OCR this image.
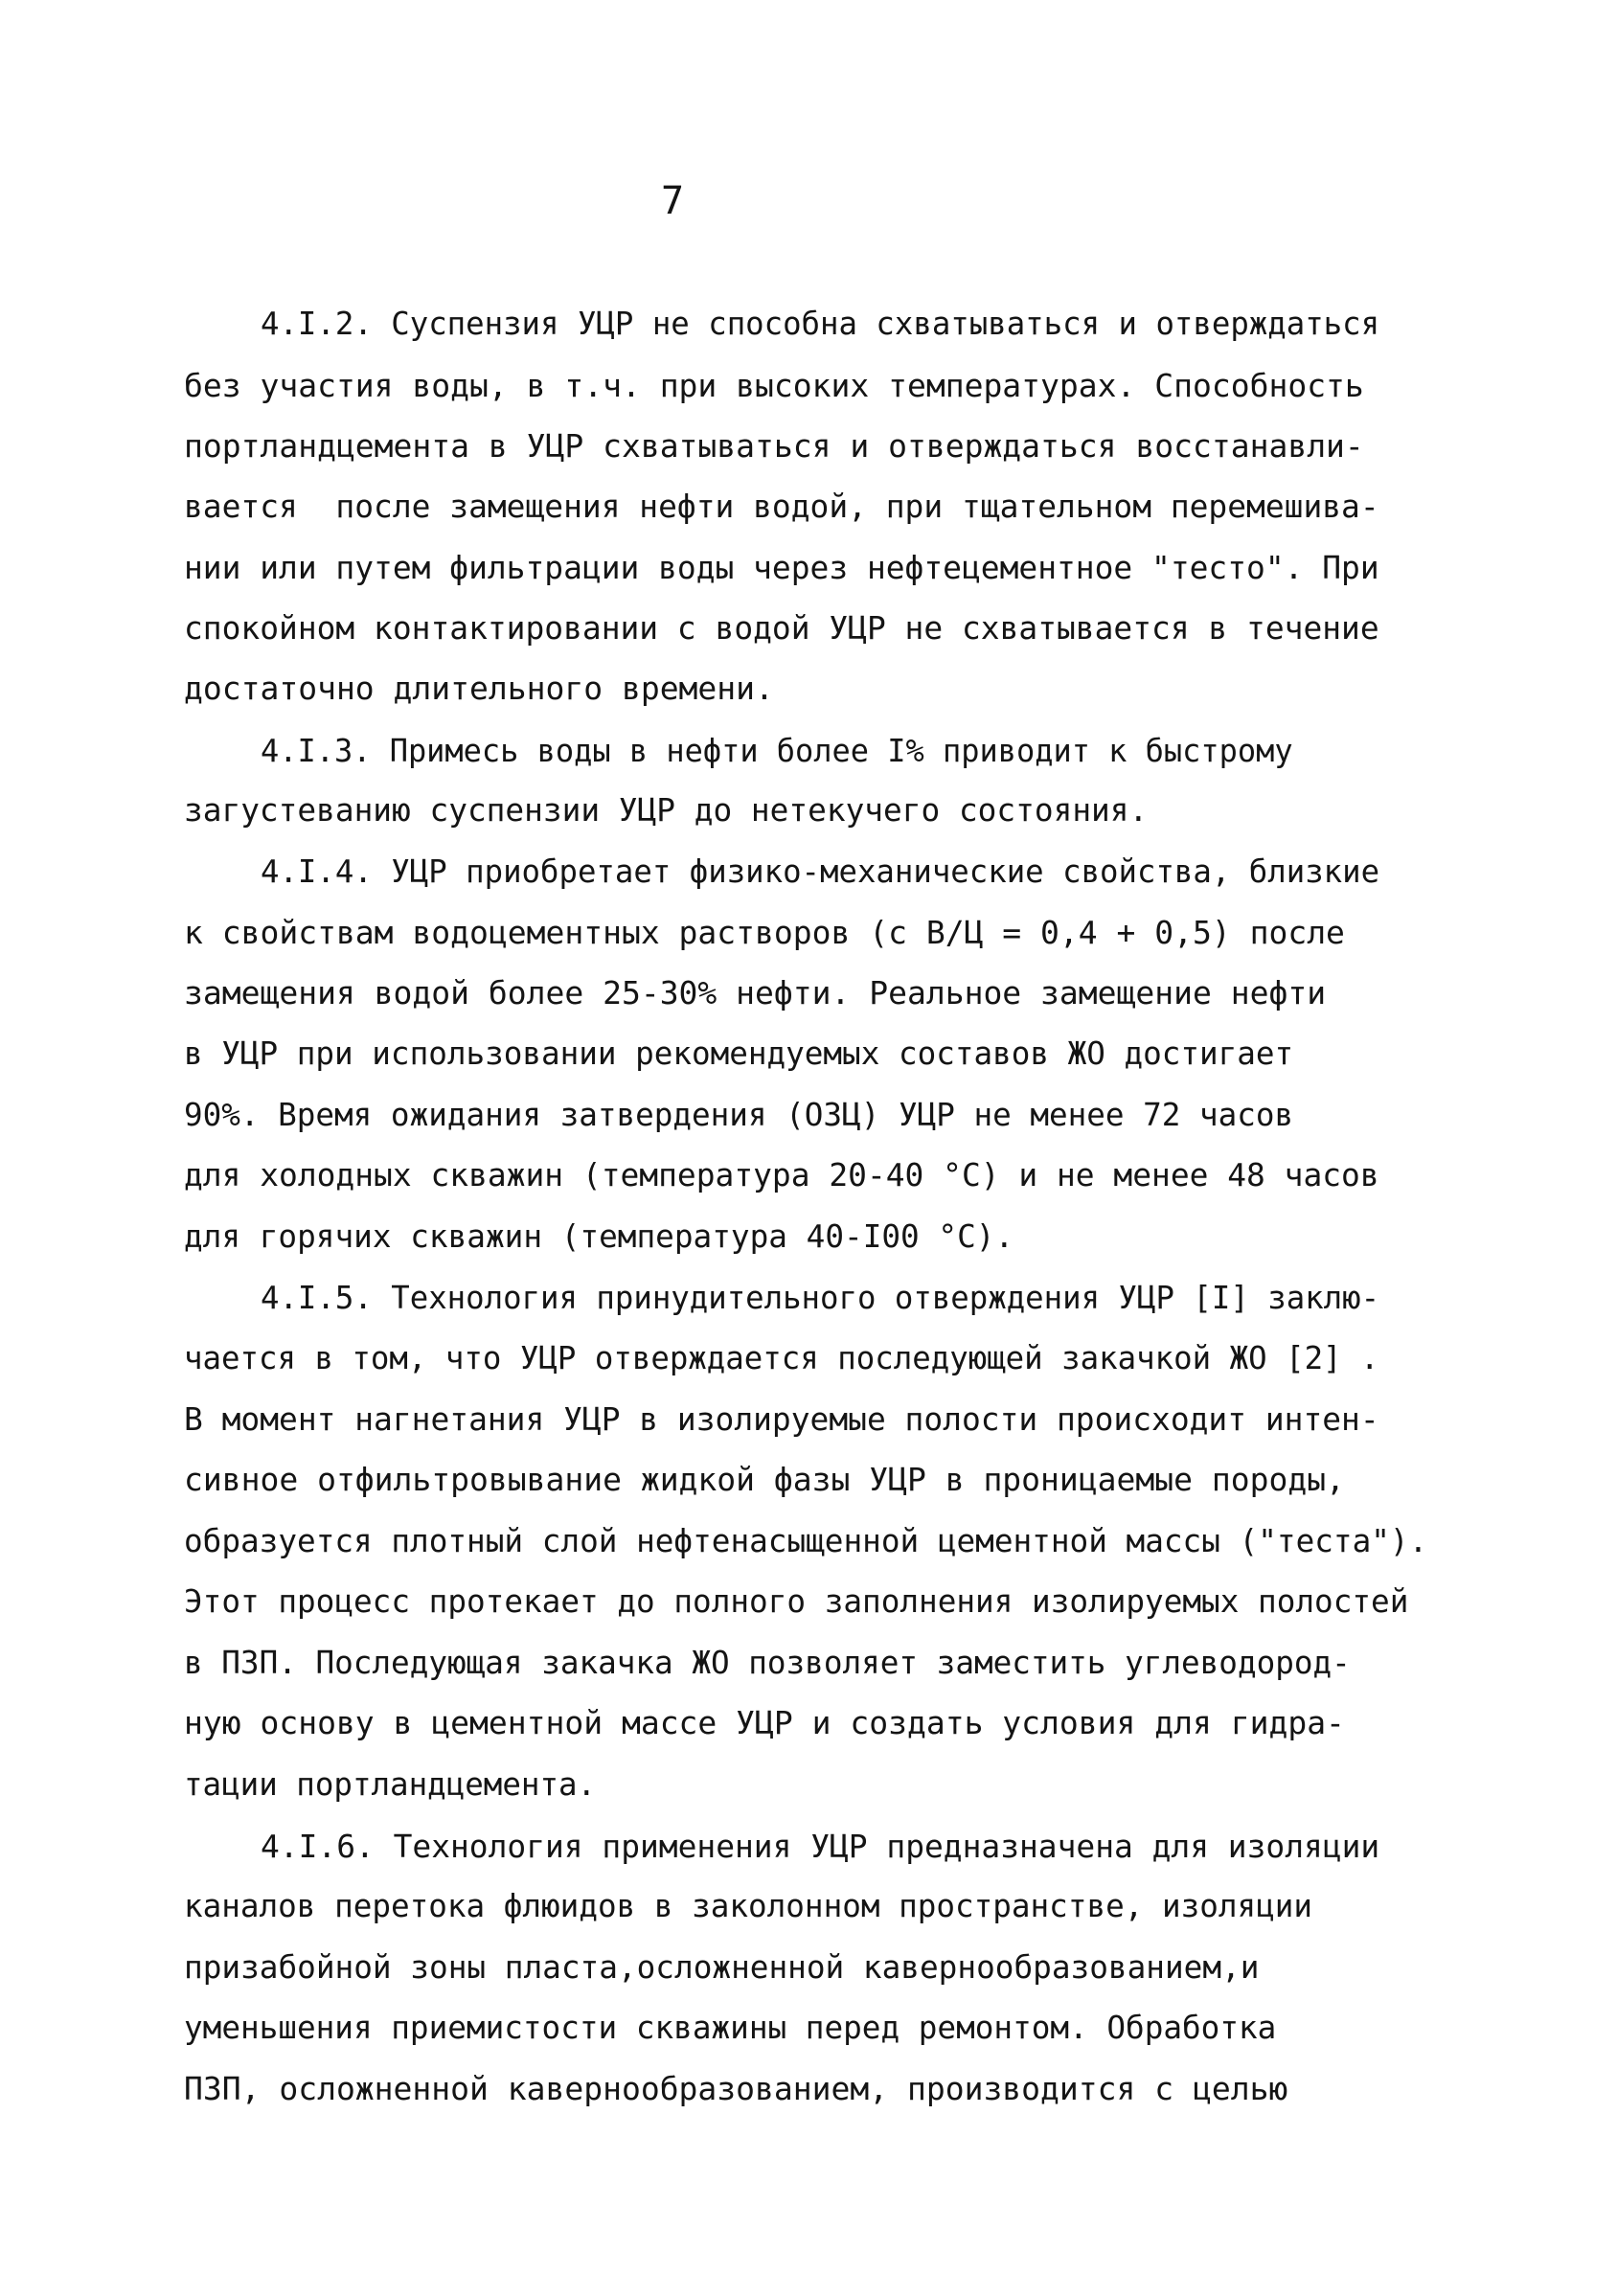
7
4.I.2. Суспензия УЦР не способна схватываться и отверждаться
без участия воды, в т.ч. при высоких температурах. Способность
портландцемента в УЦР схватываться и отверждаться восстанавли-
вается  после замещения нефти водой, при тщательном перемешива-
нии или путем фильтрации воды через нефтецементное "тесто". При
спокойном контактировании с водой УЦР не схватывается в течение
достаточно длительного времени.
4.I.3. Примесь воды в нефти более I% приводит к быстрому
загустеванию суспензии УЦР до нетекучего состояния.
4.I.4. УЦР приобретает физико-механические свойства, близкие
к свойствам водоцементных растворов (с В/Ц = 0,4 + 0,5) после
замещения водой более 25-30% нефти. Реальное замещение нефти
в УЦР при использовании рекомендуемых составов ЖО достигает
90%. Время ожидания затвердения (ОЗЦ) УЦР не менее 72 часов
для холодных скважин (температура 20-40 °С) и не менее 48 часов
для горячих скважин (температура 40-I00 °С).
4.I.5. Технология принудительного отверждения УЦР [I] заклю-
чается в том, что УЦР отверждается последующей закачкой ЖО [2] .
В момент нагнетания УЦР в изолируемые полости происходит интен-
сивное отфильтровывание жидкой фазы УЦР в проницаемые породы,
образуется плотный слой нефтенасыщенной цементной массы ("теста").
Этот процесс протекает до полного заполнения изолируемых полостей
в ПЗП. Последующая закачка ЖО позволяет заместить углеводород-
ную основу в цементной массе УЦР и создать условия для гидра-
тации портландцемента.
4.I.6. Технология применения УЦР предназначена для изоляции
каналов перетока флюидов в заколонном пространстве, изоляции
призабойной зоны пласта,осложненной кавернообразованием,и
уменьшения приемистости скважины перед ремонтом. Обработка
ПЗП, осложненной кавернообразованием, производится с целью
